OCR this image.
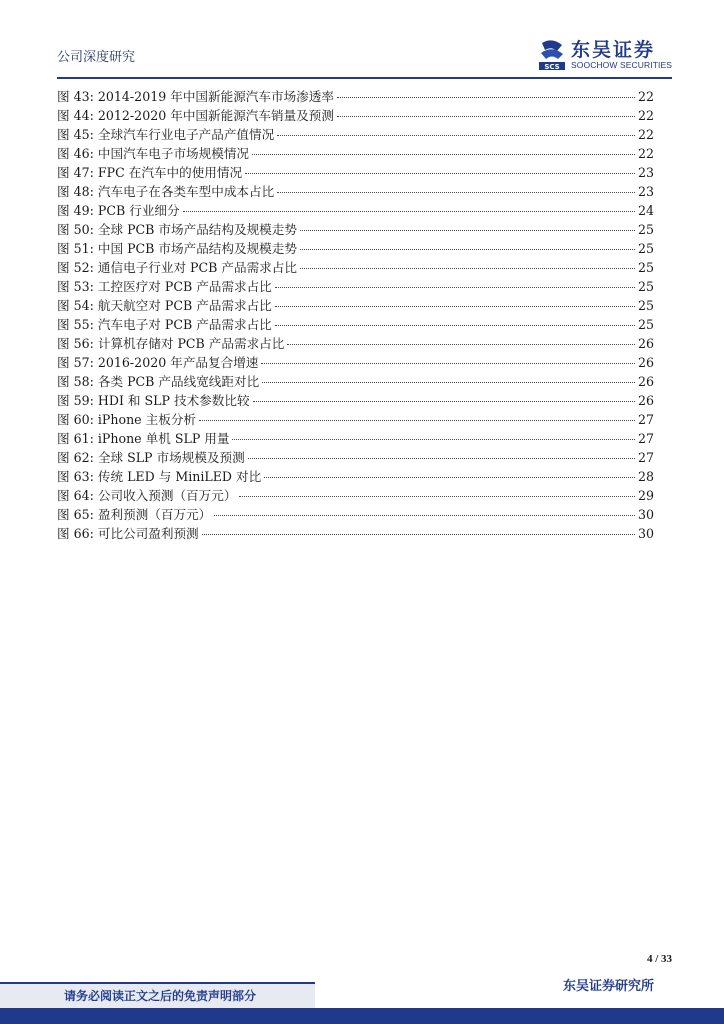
公司深度研究
SCS
东吴证券
SOOCHOW SECURITIES
图 43: 2014-2019 年中国新能源汽车市场渗透率	22
图 44: 2012-2020 年中国新能源汽车销量及预测	22
图 45: 全球汽车行业电子产品产值情况	22
图 46: 中国汽车电子市场规模情况	22
图 47: FPC 在汽车中的使用情况	23
图 48: 汽车电子在各类车型中成本占比	23
图 49: PCB 行业细分	24
图 50: 全球 PCB 市场产品结构及规模走势	25
图 51: 中国 PCB 市场产品结构及规模走势	25
图 52: 通信电子行业对 PCB 产品需求占比	25
图 53: 工控医疗对 PCB 产品需求占比	25
图 54: 航天航空对 PCB 产品需求占比	25
图 55: 汽车电子对 PCB 产品需求占比	25
图 56: 计算机存储对 PCB 产品需求占比	26
图 57: 2016-2020 年产品复合增速	26
图 58: 各类 PCB 产品线宽线距对比	26
图 59: HDI 和 SLP 技术参数比较	26
图 60: iPhone 主板分析	27
图 61: iPhone 单机 SLP 用量	27
图 62: 全球 SLP 市场规模及预测	27
图 63: 传统 LED 与 MiniLED 对比	28
图 64: 公司收入预测（百万元）	29
图 65: 盈利预测（百万元）	30
图 66: 可比公司盈利预测	30
4 / 33
请务必阅读正文之后的免责声明部分
东吴证券研究所
